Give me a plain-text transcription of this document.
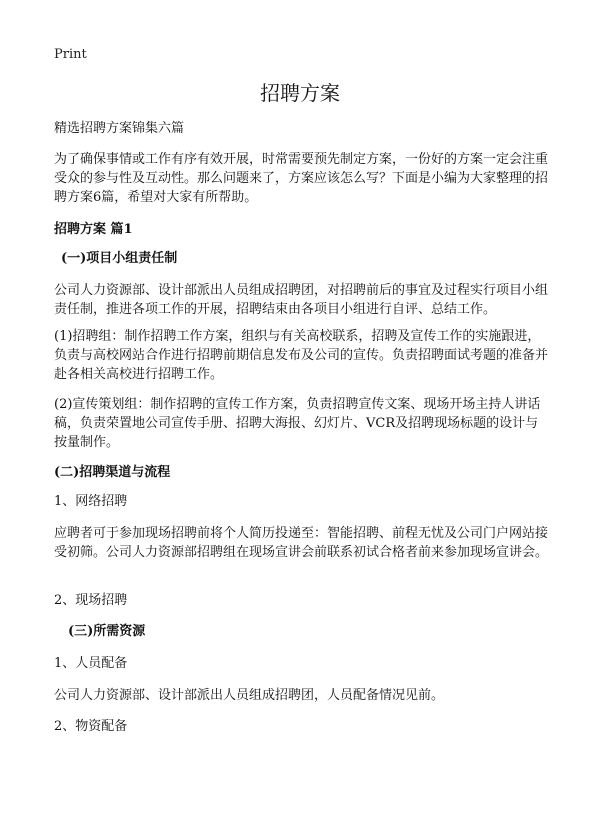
Print
招聘方案

精选招聘方案锦集六篇

为了确保事情或工作有序有效开展，时常需要预先制定方案，一份好的方案一定会注重受众的参与性及互动性。那么问题来了，方案应该怎么写？下面是小编为大家整理的招聘方案6篇，希望对大家有所帮助。

招聘方案 篇1
(一)项目小组责任制

公司人力资源部、设计部派出人员组成招聘团，对招聘前后的事宜及过程实行项目小组责任制，推进各项工作的开展，招聘结束由各项目小组进行自评、总结工作。

(1)招聘组：制作招聘工作方案，组织与有关高校联系，招聘及宣传工作的实施跟进，负责与高校网站合作进行招聘前期信息发布及公司的宣传。负责招聘面试考题的准备并赴各相关高校进行招聘工作。

(2)宣传策划组：制作招聘的宣传工作方案，负责招聘宣传文案、现场开场主持人讲话稿，负责荣置地公司宣传手册、招聘大海报、幻灯片、VCR及招聘现场标题的设计与按量制作。

(二)招聘渠道与流程

1、网络招聘

应聘者可于参加现场招聘前将个人简历投递至：智能招聘、前程无忧及公司门户网站接受初筛。公司人力资源部招聘组在现场宣讲会前联系初试合格者前来参加现场宣讲会。

2、现场招聘

(三)所需资源

1、人员配备

公司人力资源部、设计部派出人员组成招聘团，人员配备情况见前。

2、物资配备
